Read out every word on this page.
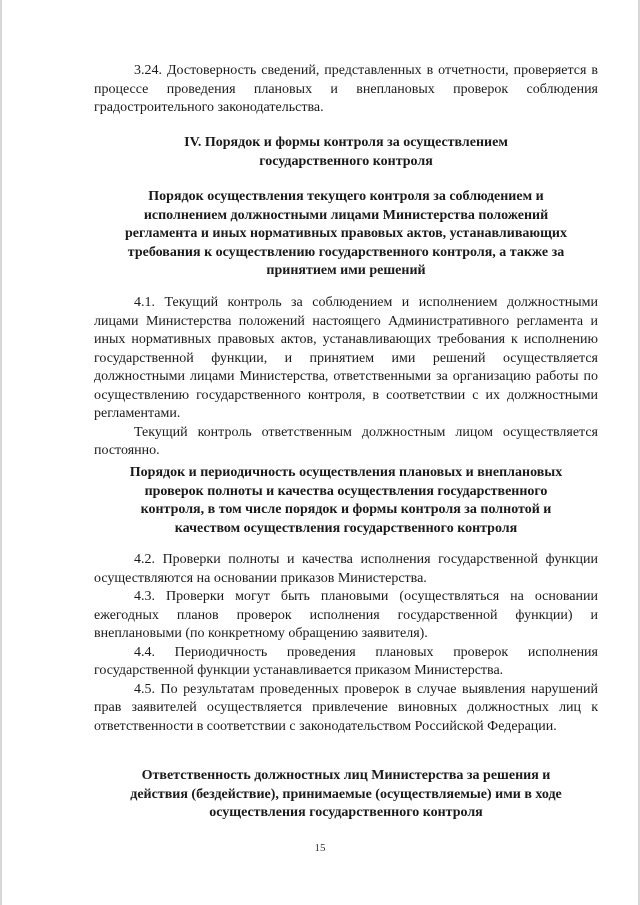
3.24. Достоверность сведений, представленных в отчетности, проверяется в процессе проведения плановых и внеплановых проверок соблюдения градостроительного законодательства.

IV. Порядок и формы контроля за осуществлением
государственного контроля
Порядок осуществления текущего контроля за соблюдением и
исполнением должностными лицами Министерства положений
регламента и иных нормативных правовых актов, устанавливающих
требования к осуществлению государственного контроля, а также за
принятием ими решений

4.1. Текущий контроль за соблюдением и исполнением должностными лицами Министерства положений настоящего Административного регламента и иных нормативных правовых актов, устанавливающих требования к исполнению государственной функции, и принятием ими решений осуществляется должностными лицами Министерства, ответственными за организацию работы по осуществлению государственного контроля, в соответствии с их должностными регламентами.

Текущий контроль ответственным должностным лицом осуществляется постоянно.

Порядок и периодичность осуществления плановых и внеплановых
проверок полноты и качества осуществления государственного
контроля, в том числе порядок и формы контроля за полнотой и
качеством осуществления государственного контроля

4.2. Проверки полноты и качества исполнения государственной функции осуществляются на основании приказов Министерства.

4.3. Проверки могут быть плановыми (осуществляться на основании ежегодных планов проверок исполнения государственной функции) и внеплановыми (по конкретному обращению заявителя).

4.4. Периодичность проведения плановых проверок исполнения государственной функции устанавливается приказом Министерства.

4.5. По результатам проведенных проверок в случае выявления нарушений прав заявителей осуществляется привлечение виновных должностных лиц к ответственности в соответствии с законодательством Российской Федерации.

Ответственность должностных лиц Министерства за решения и
действия (бездействие), принимаемые (осуществляемые) ими в ходе
осуществления государственного контроля
15
